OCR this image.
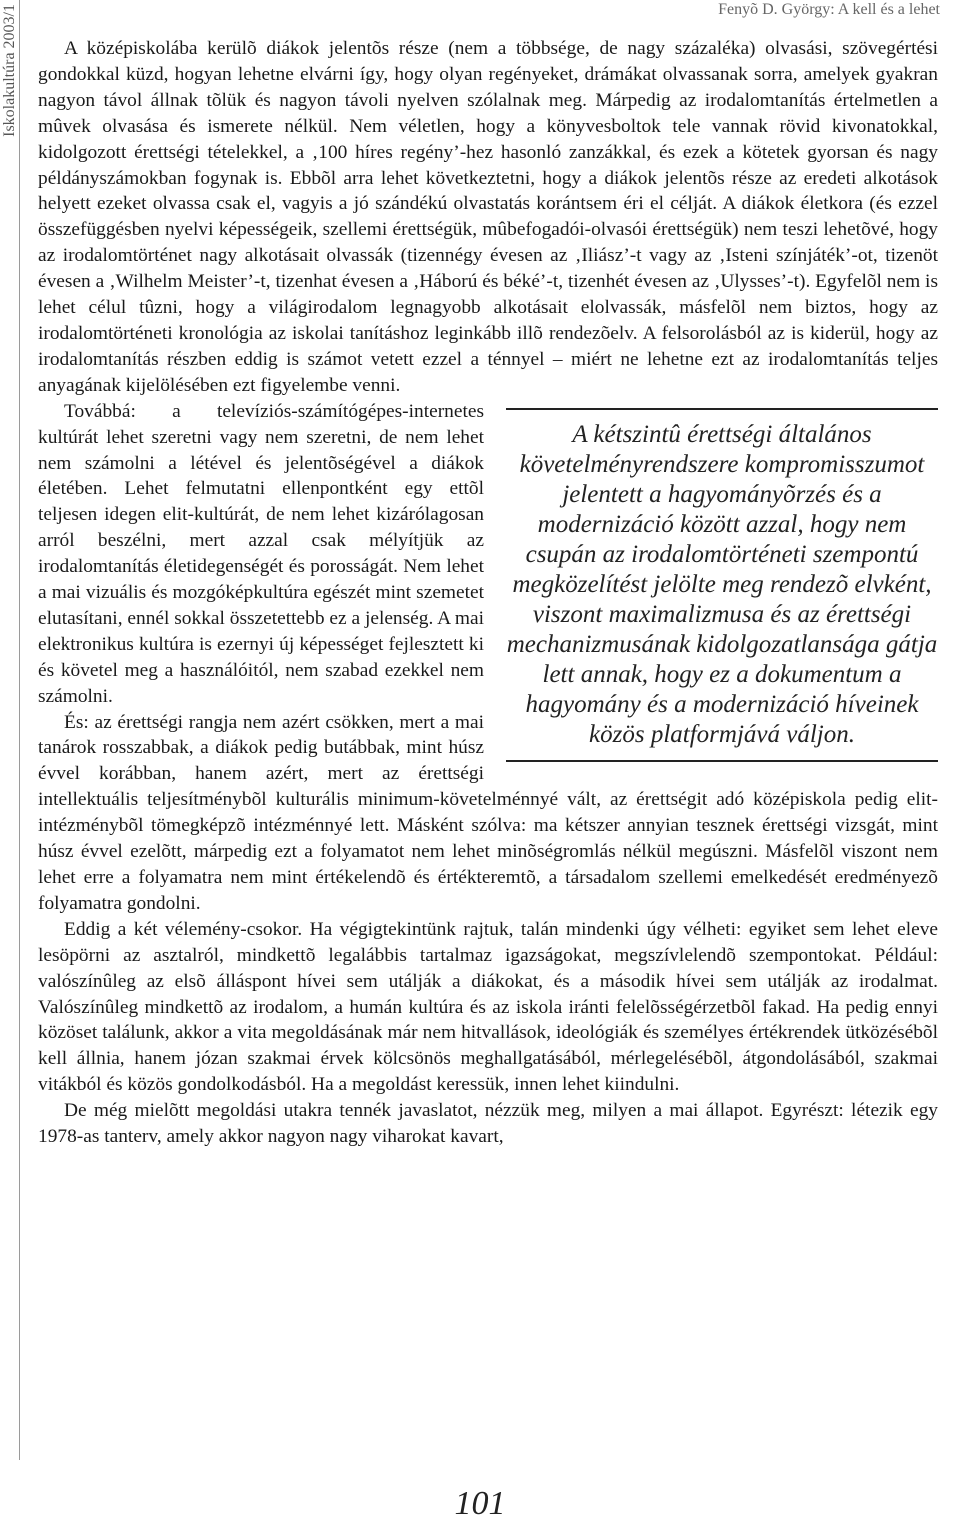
Iskolakultúra 2003/1	Fenyõ D. György: A kell és a lehet

A középiskolába kerülõ diákok jelentõs része (nem a többsége, de nagy százaléka) olvasási, szövegértési gondokkal küzd, hogyan lehetne elvárni így, hogy olyan regényeket, drámákat olvassanak sorra, amelyek gyakran nagyon távol állnak tõlük és nagyon távoli nyelven szólalnak meg. Márpedig az irodalomtanítás értelmetlen a mûvek olvasása és ismerete nélkül. Nem véletlen, hogy a könyvesboltok tele vannak rövid kivonatokkal, kidolgozott érettségi tételekkel, a ‚100 híres regény’-hez hasonló zanzákkal, és ezek a kötetek gyorsan és nagy példányszámokban fogynak is. Ebbõl arra lehet következtetni, hogy a diákok jelentõs része az eredeti alkotások helyett ezeket olvassa csak el, vagyis a jó szándékú olvastatás korántsem éri el célját. A diákok életkora (és ezzel összefüggésben nyelvi képességeik, szellemi érettségük, mûbefogadói-olvasói érettségük) nem teszi lehetõvé, hogy az irodalomtörténet nagy alkotásait olvassák (tizennégy évesen az ‚Iliász’-t vagy az ‚Isteni színjáték’-ot, tizenöt évesen a ‚Wilhelm Meister’-t, tizenhat évesen a ‚Háború és béké’-t, tizenhét évesen az ‚Ulysses’-t). Egyfelõl nem is lehet célul tûzni, hogy a világirodalom legnagyobb alkotásait elolvassák, másfelõl nem biztos, hogy az irodalomtörténeti kronológia az iskolai tanításhoz leginkább illõ rendezõelv. A felsorolásból az is kiderül, hogy az irodalomtanítás részben eddig is számot vetett ezzel a ténnyel – miért ne lehetne ezt az irodalomtanítás teljes anyagának kijelölésében ezt figyelembe venni.

A kétszintû érettségi általános követelményrendszere kompromisszumot jelentett a hagyományõrzés és a modernizáció között azzal, hogy nem csupán az irodalomtörténeti szempontú megközelítést jelölte meg rendezõ elvként, viszont maximalizmusa és az érettségi mechanizmusának kidolgozatlansága gátja lett annak, hogy ez a dokumentum a hagyomány és a modernizáció híveinek közös platformjává váljon.

Továbbá: a televíziós-számítógépes-internetes kultúrát lehet szeretni vagy nem szeretni, de nem lehet nem számolni a létével és jelentõségével a diákok életében. Lehet felmutatni ellenpontként egy ettõl teljesen idegen elit-kultúrát, de nem lehet kizárólagosan arról beszélni, mert azzal csak mélyítjük az irodalomtanítás életidegenségét és porosságát. Nem lehet a mai vizuális és mozgóképkultúra egészét mint szemetet elutasítani, ennél sokkal összetettebb ez a jelenség. A mai elektronikus kultúra is ezernyi új képességet fejlesztett ki és követel meg a használóitól, nem szabad ezekkel nem számolni.

És: az érettségi rangja nem azért csökken, mert a mai tanárok rosszabbak, a diákok pedig butábbak, mint húsz évvel korábban, hanem azért, mert az érettségi intellektuális teljesítménybõl kulturális minimum-követelménnyé vált, az érettségit adó középiskola pedig elit-intézménybõl tömegképzõ intézménnyé lett. Másként szólva: ma kétszer annyian tesznek érettségi vizsgát, mint húsz évvel ezelõtt, márpedig ezt a folyamatot nem lehet minõségromlás nélkül megúszni. Másfelõl viszont nem lehet erre a folyamatra nem mint értékelendõ és értékteremtõ, a társadalom szellemi emelkedését eredményezõ folyamatra gondolni.

Eddig a két vélemény-csokor. Ha végigtekintünk rajtuk, talán mindenki úgy vélheti: egyiket sem lehet eleve lesöpörni az asztalról, mindkettõ legalábbis tartalmaz igazságokat, megszívlelendõ szempontokat. Például: valószínûleg az elsõ álláspont hívei sem utálják a diákokat, és a második hívei sem utálják az irodalmat. Valószínûleg mindkettõ az irodalom, a humán kultúra és az iskola iránti felelõsségérzetbõl fakad. Ha pedig ennyi közöset találunk, akkor a vita megoldásának már nem hitvallások, ideológiák és személyes értékrendek ütközésébõl kell állnia, hanem józan szakmai érvek kölcsönös meghallgatásából, mérlegelésébõl, átgondolásából, szakmai vitákból és közös gondolkodásból. Ha a megoldást keressük, innen lehet kiindulni.

De még mielõtt megoldási utakra tennék javaslatot, nézzük meg, milyen a mai állapot. Egyrészt: létezik egy 1978-as tanterv, amely akkor nagyon nagy viharokat kavart,

101
